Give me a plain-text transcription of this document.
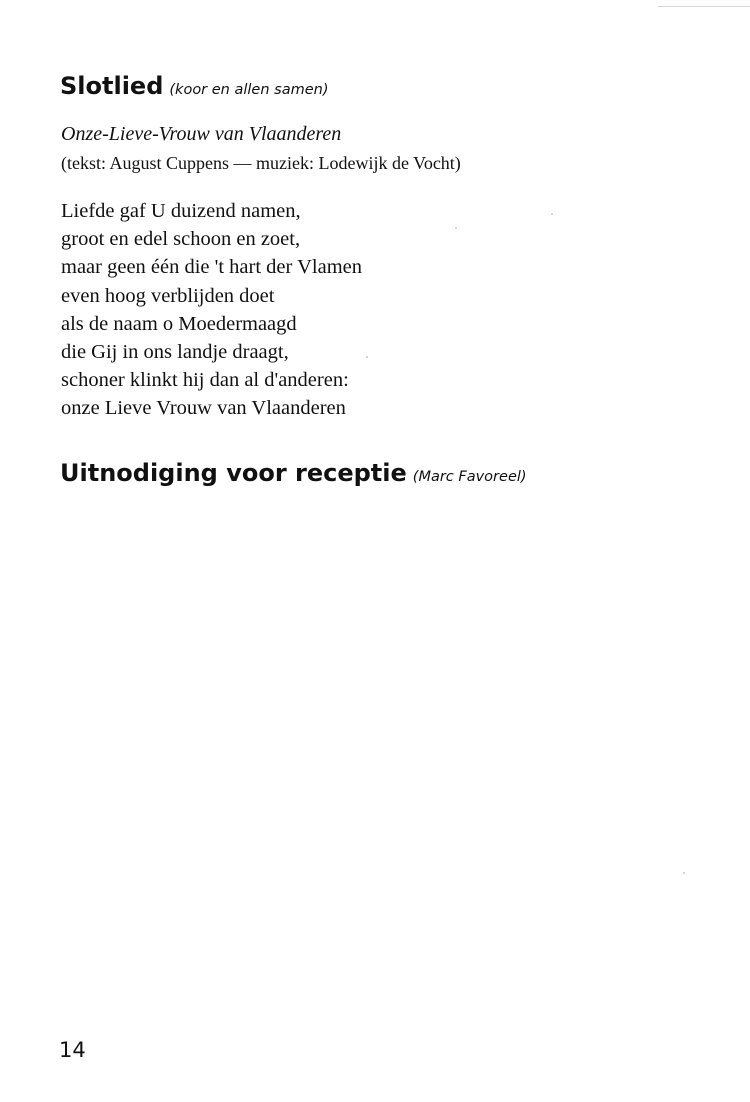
Slotlied (koor en allen samen)
Onze-Lieve-Vrouw van Vlaanderen
(tekst: August Cuppens — muziek: Lodewijk de Vocht)
Liefde gaf U duizend namen,
groot en edel schoon en zoet,
maar geen één die 't hart der Vlamen
even hoog verblijden doet
als de naam o Moedermaagd
die Gij in ons landje draagt,
schoner klinkt hij dan al d'anderen:
onze Lieve Vrouw van Vlaanderen
Uitnodiging voor receptie (Marc Favoreel)
14
